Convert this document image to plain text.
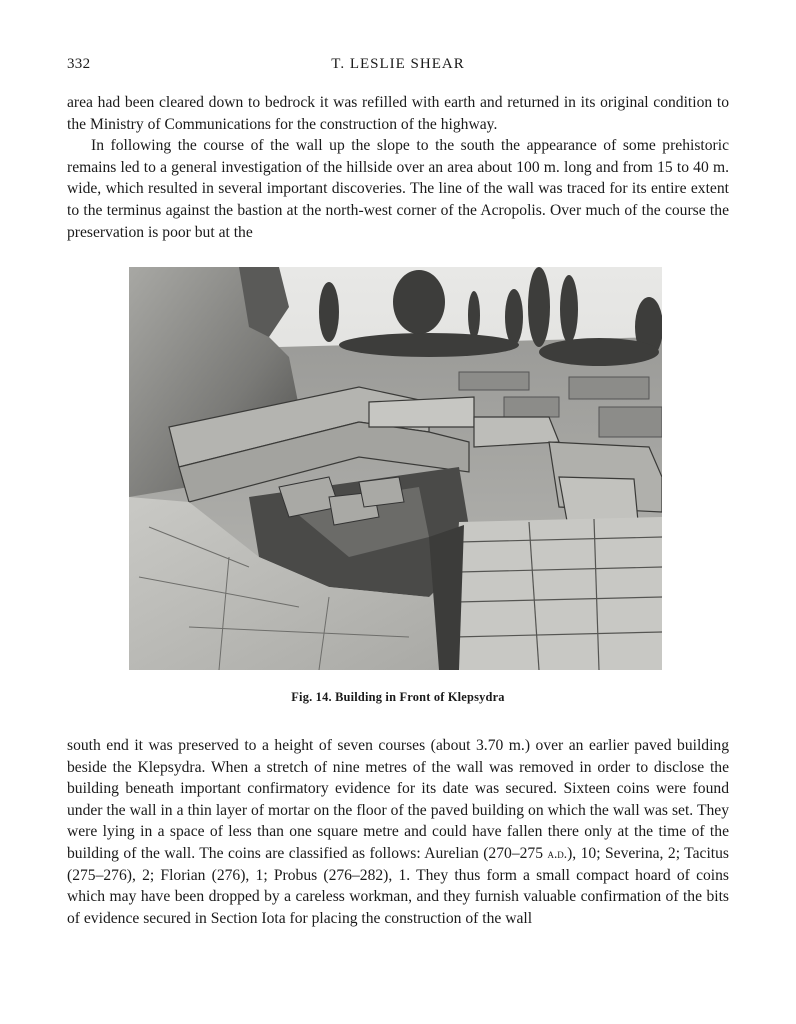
332	T. LESLIE SHEAR

area had been cleared down to bedrock it was refilled with earth and returned in its original condition to the Ministry of Communications for the construction of the highway.

In following the course of the wall up the slope to the south the appearance of some prehistoric remains led to a general investigation of the hillside over an area about 100 m. long and from 15 to 40 m. wide, which resulted in several important discoveries. The line of the wall was traced for its entire extent to the terminus against the bastion at the north-west corner of the Acropolis. Over much of the course the preservation is poor but at the

Fig. 14. Building in Front of Klepsydra

south end it was preserved to a height of seven courses (about 3.70 m.) over an earlier paved building beside the Klepsydra. When a stretch of nine metres of the wall was removed in order to disclose the building beneath important confirmatory evidence for its date was secured. Sixteen coins were found under the wall in a thin layer of mortar on the floor of the paved building on which the wall was set. They were lying in a space of less than one square metre and could have fallen there only at the time of the building of the wall. The coins are classified as follows: Aurelian (270–275 a.d.), 10; Severina, 2; Tacitus (275–276), 2; Florian (276), 1; Probus (276–282), 1. They thus form a small compact hoard of coins which may have been dropped by a careless workman, and they furnish valuable confirmation of the bits of evidence secured in Section Iota for placing the construction of the wall
